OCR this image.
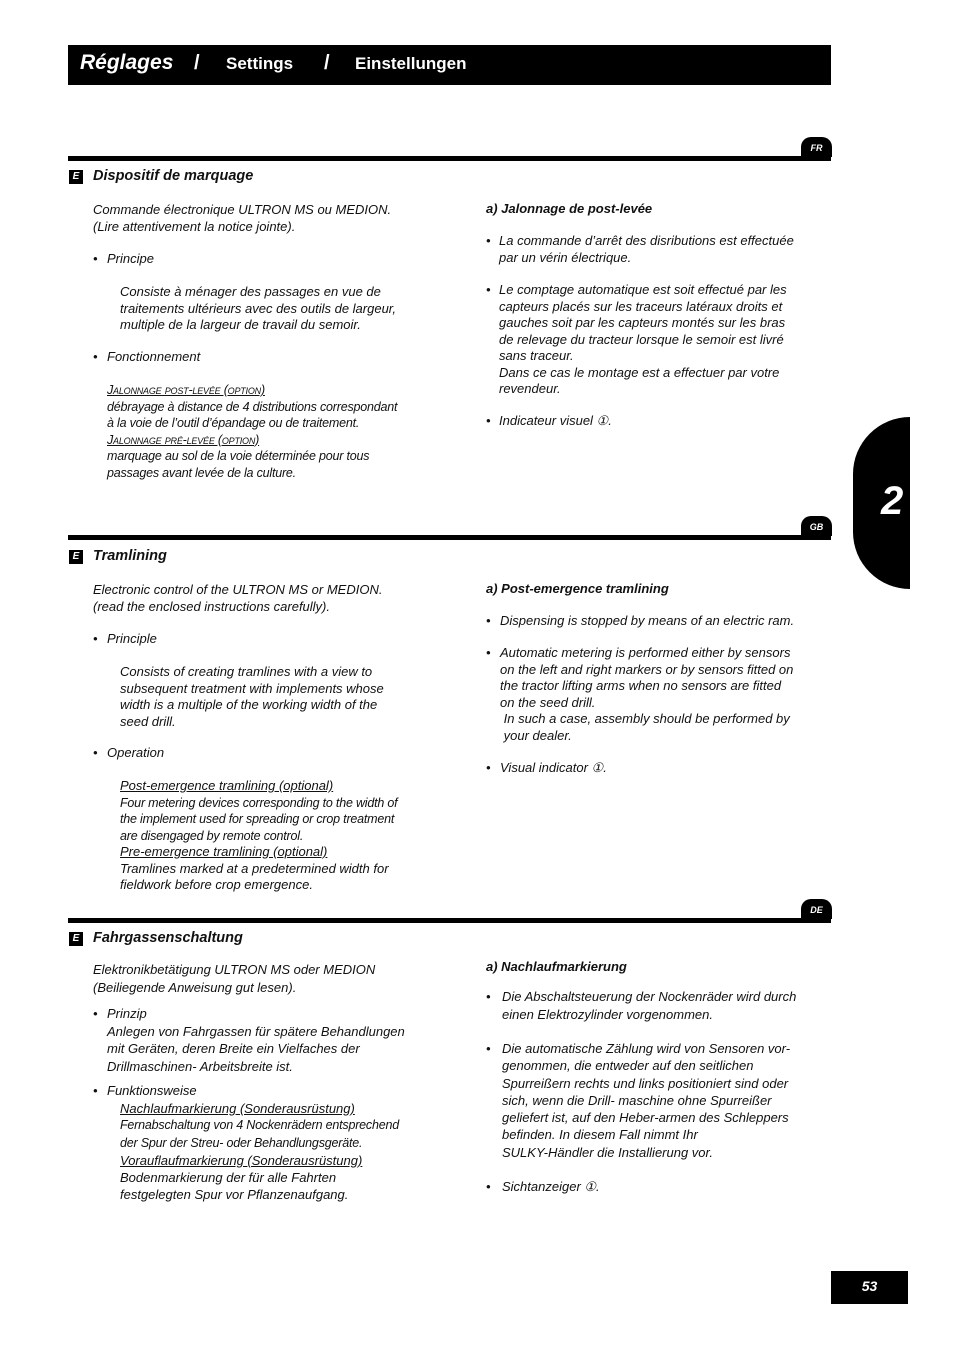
Réglages / Settings / Einstellungen
2
FR
E Dispositif de marquage
Commande électronique ULTRON MS ou MEDION.
(Lire attentivement la notice jointe).
• Principe
Consiste à ménager des passages en vue de
traitements ultérieurs avec des outils de largeur,
multiple de la largeur de travail du semoir.
• Fonctionnement
Jalonnage post-levée (option)
débrayage à distance de 4 distributions correspondant
à la voie de l’outil d’épandage ou de traitement.
Jalonnage pré-levée (option)
marquage au sol de la voie déterminée pour tous
passages avant levée de la culture.
a) Jalonnage de post-levée
• La commande d’arrêt des disributions est effectuée
par un vérin électrique.
• Le comptage automatique est soit effectué par les
capteurs placés sur les traceurs latéraux droits et
gauches soit par les capteurs montés sur les bras
de relevage du tracteur lorsque le semoir est livré
sans traceur.
Dans ce cas le montage est a effectuer par votre
revendeur.
• Indicateur visuel ①.
GB
E Tramlining
Electronic control of the ULTRON MS or MEDION.
(read the enclosed instructions carefully).
• Principle
Consists of creating tramlines with a view to
subsequent treatment with implements whose
width is a multiple of the working width of the
seed drill.
• Operation
Post-emergence tramlining (optional)
Four metering devices corresponding to the width of
the implement used for spreading or crop treatment
are disengaged by remote control.
Pre-emergence tramlining (optional)
Tramlines marked at a predetermined width for
fieldwork before crop emergence.
a) Post-emergence tramlining
• Dispensing is stopped by means of an electric ram.
• Automatic metering is performed either by sensors
on the left and right markers or by sensors fitted on
the tractor lifting arms when no sensors are fitted
on the seed drill.
In such a case, assembly should be performed by
your dealer.
• Visual indicator ①.
DE
E Fahrgassenschaltung
Elektronikbetätigung ULTRON MS oder MEDION
(Beiliegende Anweisung gut lesen).
• Prinzip
Anlegen von Fahrgassen für spätere Behandlungen
mit Geräten, deren Breite ein Vielfaches der
Drillmaschinen- Arbeitsbreite ist.
• Funktionsweise
Nachlaufmarkierung (Sonderausrüstung)
Fernabschaltung von 4 Nockenrädern entsprechend
der Spur der Streu- oder Behandlungsgeräte.
Vorauflaufmarkierung (Sonderausrüstung)
Bodenmarkierung der für alle Fahrten
festgelegten Spur vor Pflanzenaufgang.
a) Nachlaufmarkierung
• Die Abschaltsteuerung der Nockenräder wird durch
einen Elektrozylinder vorgenommen.
• Die automatische Zählung wird von Sensoren vor-
genommen, die entweder auf den seitlichen
Spurreißern rechts und links positioniert sind oder
sich, wenn die Drill- maschine ohne Spurreißer
geliefert ist, auf den Heber-armen des Schleppers
befinden. In diesem Fall nimmt Ihr
SULKY-Händler die Installierung vor.
• Sichtanzeiger ①.
53
